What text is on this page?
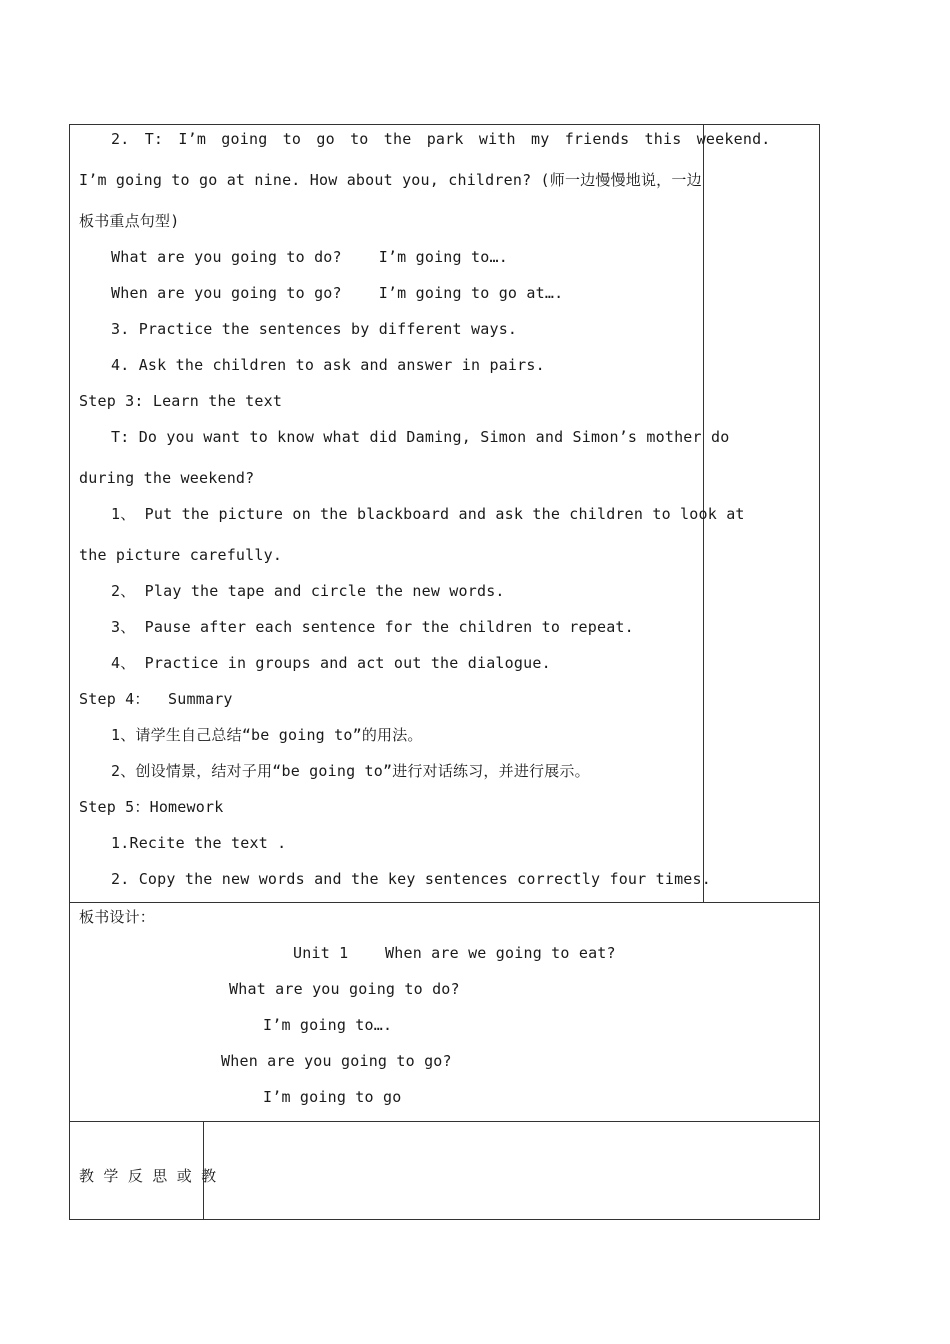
2. T: I’m going to go to the park with my friends this weekend.
I’m going to go at nine. How about you, children? (师一边慢慢地说，一边
板书重点句型)
What are you going to do?    I’m going to….
When are you going to go?    I’m going to go at….
3. Practice the sentences by different ways.
4. Ask the children to ask and answer in pairs.
Step 3: Learn the text
T: Do you want to know what did Daming, Simon and Simon’s mother do
during the weekend?
1、 Put the picture on the blackboard and ask the children to look at
the picture carefully.
2、 Play the tape and circle the new words.
3、 Pause after each sentence for the children to repeat.
4、 Practice in groups and act out the dialogue.
Step 4：  Summary
1、请学生自己总结“be going to”的用法。
2、创设情景，结对子用“be going to”进行对话练习，并进行展示。
Step 5：Homework
1.Recite the text .
2. Copy the new words and the key sentences correctly four times.
板书设计：
Unit 1 When are we going to eat?
What are you going to do?
I’m going to….
When are you going to go?
I’m going to go
教 学 反 思 或 教
